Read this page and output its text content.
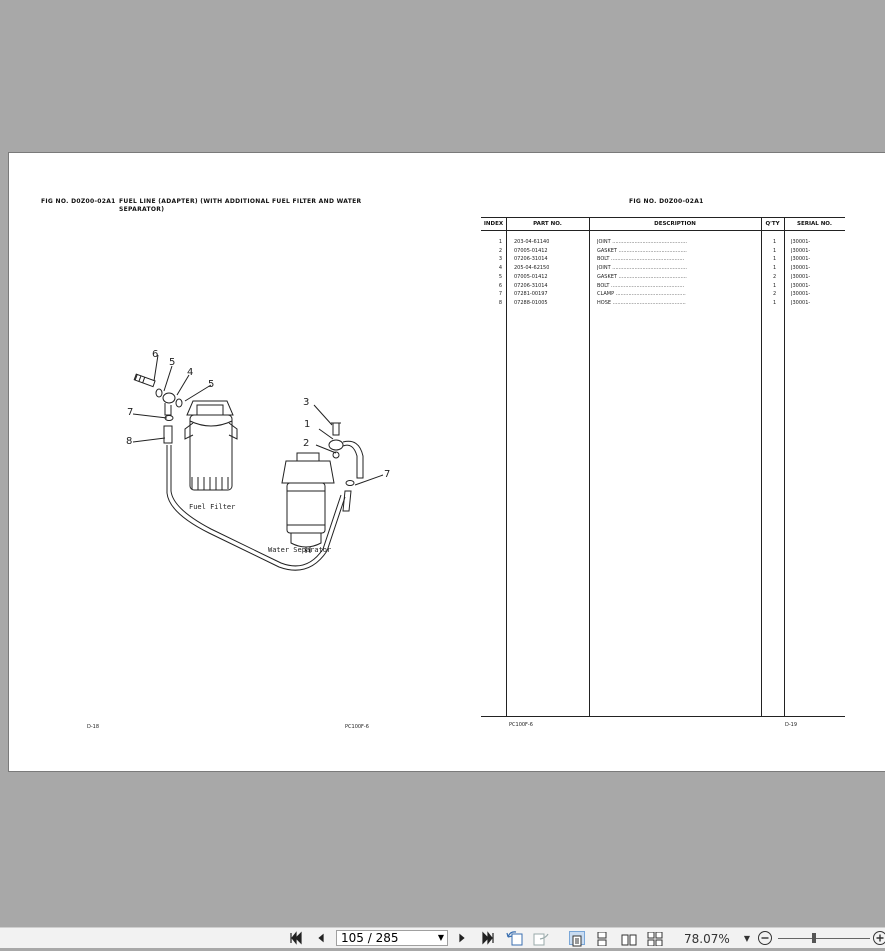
FIG NO. D0Z00-02A1 FUEL LINE (ADAPTER) (WITH ADDITIONAL FUEL FILTER AND WATER
SEPARATOR)
6
5
4
5
7
8
3
1
2
7
Fuel Filter
Water Separator
D-18	PC100F-6
FIG NO. D0Z00-02A1
INDEX	PART NO.	DESCRIPTION	Q'TY	SERIAL NO.
1 203-04-61140	JOINT ...............................................	1	J30001-
2 07005-01412	GASKET ...........................................	1	J30001-
3 07206-31014	BOLT ..............................................	1	J30001-
4 205-04-62150	JOINT ...............................................	1	J30001-
5 07005-01412	GASKET ...........................................	2	J30001-
6 07206-31014	BOLT ..............................................	1	J30001-
7 07281-00197	CLAMP ............................................	2	J30001-
8 07288-01005	HOSE ..............................................	1	J30001-
PC100F-6	D-19
105 / 285	▼	78.07% ▼
